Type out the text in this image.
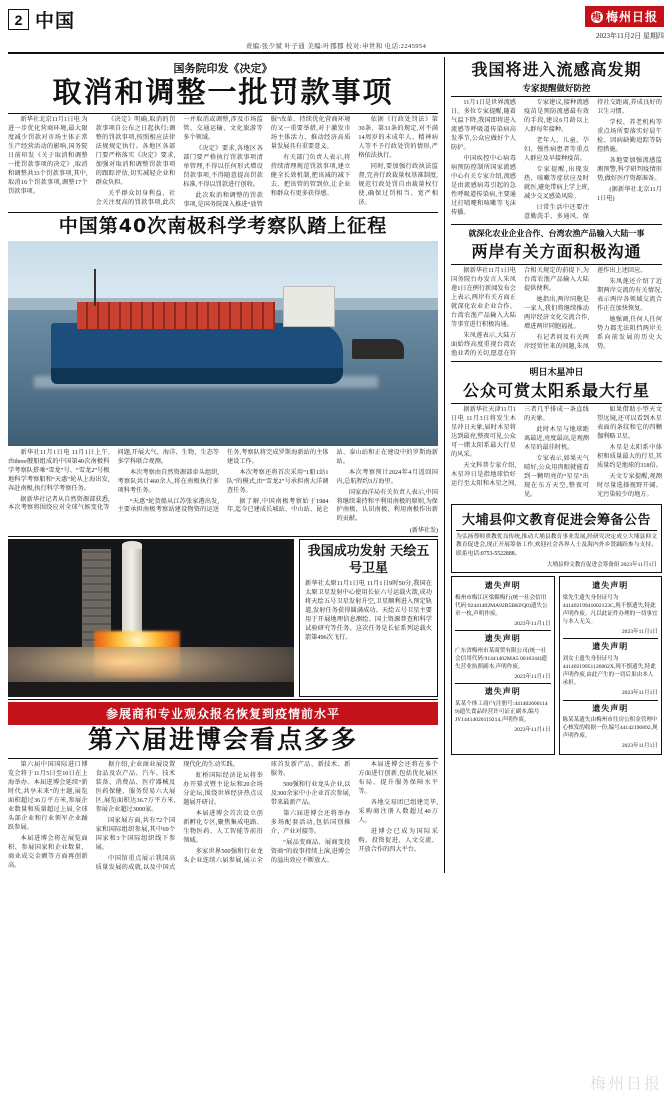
2 中国	梅 梅州日报
2023年11月2日 星期四
责编:张少斌 叶子通 美编:叶郡郡 校对:申世和 电话:2245954
国务院印发《决定》
取消和调整一批罚款事项

新华社北京11月1日电 为进一步优化营商环境,最大限度减少罚款对市场主体正常生产经营活动的影响,国务院日前印发《关于取消和调整一批罚款事项的决定》,取消和调整共33个罚款事项,其中,取消16个罚款事项,调整17个罚款事项。

《决定》明确,取消的罚款事项自公布之日起执行;调整的罚款事项,按照相应法律法规规定执行。各地区各部门要严格落实《决定》要求,加强对取消和调整罚款事项的跟踪评估,切实减轻企业和群众负担。

关乎群众切身利益、社会关注度高的罚款事项,此次一并取消或调整,涉及市场监管、交通运输、文化旅游等多个领域。

《决定》要求,各地区各部门要严格执行罚款事项清单管理,不得以任何形式增设罚款事项,不得随意提高罚款标准,不得以罚款进行创收。

此次取消和调整的罚款事项,是国务院深入推进“放管服”改革、持续优化营商环境的又一重要举措,对于激发市场主体活力、推动经济高质量发展具有重要意义。

有关部门负责人表示,将持续清理规范罚款事项,建立健全长效机制,把该减的减下去、把该管的管到位,让企业和群众有更多获得感。

依据《行政处罚法》第30条、第31条的规定,对不满14周岁的未成年人、精神病人等不予行政处罚的情形,严格依法执行。

同时,要加强行政执法监督,完善行政裁量权基准制度,规范行政处罚自由裁量权行使,确保过罚相当、宽严相济。

中国第40次南极科学考察队踏上征程

新华社11月1日电 11月1日上午,由three艘船组成的中国第40次南极科学考察队搭乘“雪龙”号、“雪龙2”号极地科学考察船和“天惠”轮从上海出发,奔赴南极,执行科学考察任务。

据新华社记者从自然资源部获悉,本次考察将围绕应对全球气候变化等问题,开展大气、海洋、生物、生态等多学科联合观测。

本次考察由自然资源部牵头组织,考察队共计460余人,将在南极执行多项科考任务。

“天惠”轮货船从江苏张家港出发,主要承担南极考察站建设物资的运送任务,考察队将完成罗斯海新站的主体建设工作。

本次考察还将首次采用“1船1站1队”的模式,由“雪龙2”号承担南大洋调查任务。

据了解,中国南极考察始于1984年,迄今已建成长城站、中山站、昆仑站、泰山站和正在建设中的罗斯海新站。

本次考察预计2024年4月返回国内,总航程约3万海里。

国家海洋局有关负责人表示,中国将继续秉持和平利用南极的原则,为保护南极、认识南极、利用南极作出新的贡献。

(新华社发)
我国成功发射 天绘五号卫星
新华社太原11月1日电 11月1日9时50分,我国在太原卫星发射中心使用长征六号运载火箭,成功将天绘五号卫星发射升空,卫星顺利进入预定轨道,发射任务获得圆满成功。天绘五号卫星主要用于开展地理信息测绘、国土资源普查和科学试验研究等任务。这次任务是长征系列运载火箭第496次飞行。
参展商和专业观众报名恢复到疫情前水平
第六届进博会看点多多

第六届中国国际进口博览会将于11月5日至10日在上海举办。本届进博会延续“新时代,共享未来”的主题,展览面积超过36万平方米,参展企业数量和质量超过上届,全球头部企业和行业领军企业踊跃参展。

本届进博会将在展览面积、参展国家和企业数量、商业成交金额等方面再创新高。

据介绍,企业商业展设置食品及农产品、汽车、技术装备、消费品、医疗器械及医药保健、服务贸易六大展区,展览面积达36.7万平方米,参展企业超过3000家。

国家展方面,共有72个国家和国际组织参展,其中69个国家和3个国际组织线下参展。

中国馆重点展示我国高质量发展的成就,以及中国式现代化的生动实践。

虹桥国际经济论坛将举办开幕式暨主论坛和20余场分论坛,围绕世界经济热点议题展开研讨。

本届进博会首次设立创新孵化专区,聚焦集成电路、生物医药、人工智能等前沿领域。

多家世界500强和行业龙头企业连续六届参展,展示全球首发新产品、新技术、新服务。

500强和行业龙头企业,以及300余家中小企业首次参展,带来最新产品。

第六届进博会还将举办多场配套活动,包括国别推介、产业对接等。

“展品变商品、展商变投资商”的故事持续上演,进博会的溢出效应不断放大。

本届进博会还将在多个方面进行创新,包括优化展区布局、提升服务保障水平等。

各地交易团已组建完毕,采购商注册人数超过40万人。

进博会已成为国际采购、投资促进、人文交流、开放合作的四大平台。

我国将进入流感高发期
专家提醒做好防控

11月1日是世界流感日。多位专家提醒,随着气温下降,我国即将进入流感等呼吸道传染病高发季节,公众应做好个人防护。

中国疾控中心病毒病预防控制所国家流感中心有关专家介绍,流感是由流感病毒引起的急性呼吸道传染病,主要通过打喷嚏和咳嗽等飞沫传播。

专家建议,接种流感疫苗是预防流感最有效的手段,建议6月龄以上人群每年接种。

老年人、儿童、孕妇、慢性病患者等重点人群应及早接种疫苗。

专家提醒,出现发热、咳嗽等症状应及时就医,避免带病上学上班,减少交叉感染风险。

日常生活中还要注意勤洗手、多通风、保持社交距离,养成良好的卫生习惯。

学校、养老机构等重点场所要落实好晨午检、因病缺勤追踪等防控措施。

各地要加强流感监测预警,科学研判疫情形势,做好医疗资源准备。

(据新华社北京11月1日电)

就深化农业企业合作、台湾农渔产品输入大陆一事
两岸有关方面积极沟通

据新华社11月1日电 国务院台办发言人朱凤莲1日在例行新闻发布会上表示,两岸有关方面正就深化农业企业合作、台湾农渔产品输入大陆等事宜进行积极沟通。

朱凤莲表示,大陆方面始终高度重视台湾农渔业者的关切,愿意在符合相关规定的前提下,为台湾农渔产品输入大陆提供便利。

她指出,两岸同胞是一家人,我们将继续推动两岸经济文化交流合作,增进两岸同胞福祉。

有记者问及有关两岸经贸往来的问题,朱凤莲作出上述回应。

朱凤莲还介绍了近期两岸交流的有关情况,表示两岸各领域交流合作正在加快恢复。

她强调,任何人任何势力都无法阻挡两岸关系向前发展的历史大势。

明日木星冲日
公众可赏太阳系最大行星

据新华社天津11月1日电 11月3日将发生木星冲日天象,届时木星将达到最亮,整夜可见,公众可一睹太阳系最大行星的风采。

天文科普专家介绍,木星冲日是指地球恰好运行至太阳和木星之间,三者几乎排成一条直线的天象。

此时木星与地球距离最近,亮度最高,是观测木星的最佳时机。

专家表示,如果天气晴好,公众用肉眼就能看到一颗明亮的“星星”出现在东方天空,整夜可见。

如果借助小型天文望远镜,还可以看到木星表面的条纹和它的四颗伽利略卫星。

木星是太阳系中体积和质量最大的行星,其质量约是地球的318倍。

天文专家提醒,观测时尽量选择视野开阔、光污染较少的地方。

大埔县仰文教育促进会筹备公告
为弘扬尊师重教优良传统,推动大埔县教育事业发展,经研究决定成立大埔县仰文教育促进会,现正开展筹备工作,欢迎社会各界人士及海内外乡贤踊跃参与支持。联系电话:0753-5522888。
大埔县仰文教育促进会筹备组 2023年11月1日
遗失声明
梅州市梅江区梁媚梅行(统一社会信用代码:92441402MA92B5BKFQ0)遗失公章一枚,声明作废。
2023年11月1日
遗失声明
广东省梅州市某商贸有限公司(统一社会信用代码:91441402MA5 0016344)遗失营业执照副本,声明作废。
2023年11月1日
遗失声明
某某个体工商户(注册号:441402600114 9)遗失食品经营许可证正副本,编号JY14414020119214,声明作废。
2023年11月1日
遗失声明
梁先生遗失身份证号为44140219941002123C,现不慎遗失,特此声明作废。凡以此证件办理的一切事宜与本人无关。
2023年11月1日
遗失声明
刘女士遗失身份证号为44140219951126002X,现不慎遗失,特此声明作废,由此产生的一切后果由本人承担。
2023年11月1日
遗失声明
陈某某遗失由梅州市住房公积金管理中心核发的收据一份,编号44142190892,现声明作废。
2023年11月1日
梅州日报
